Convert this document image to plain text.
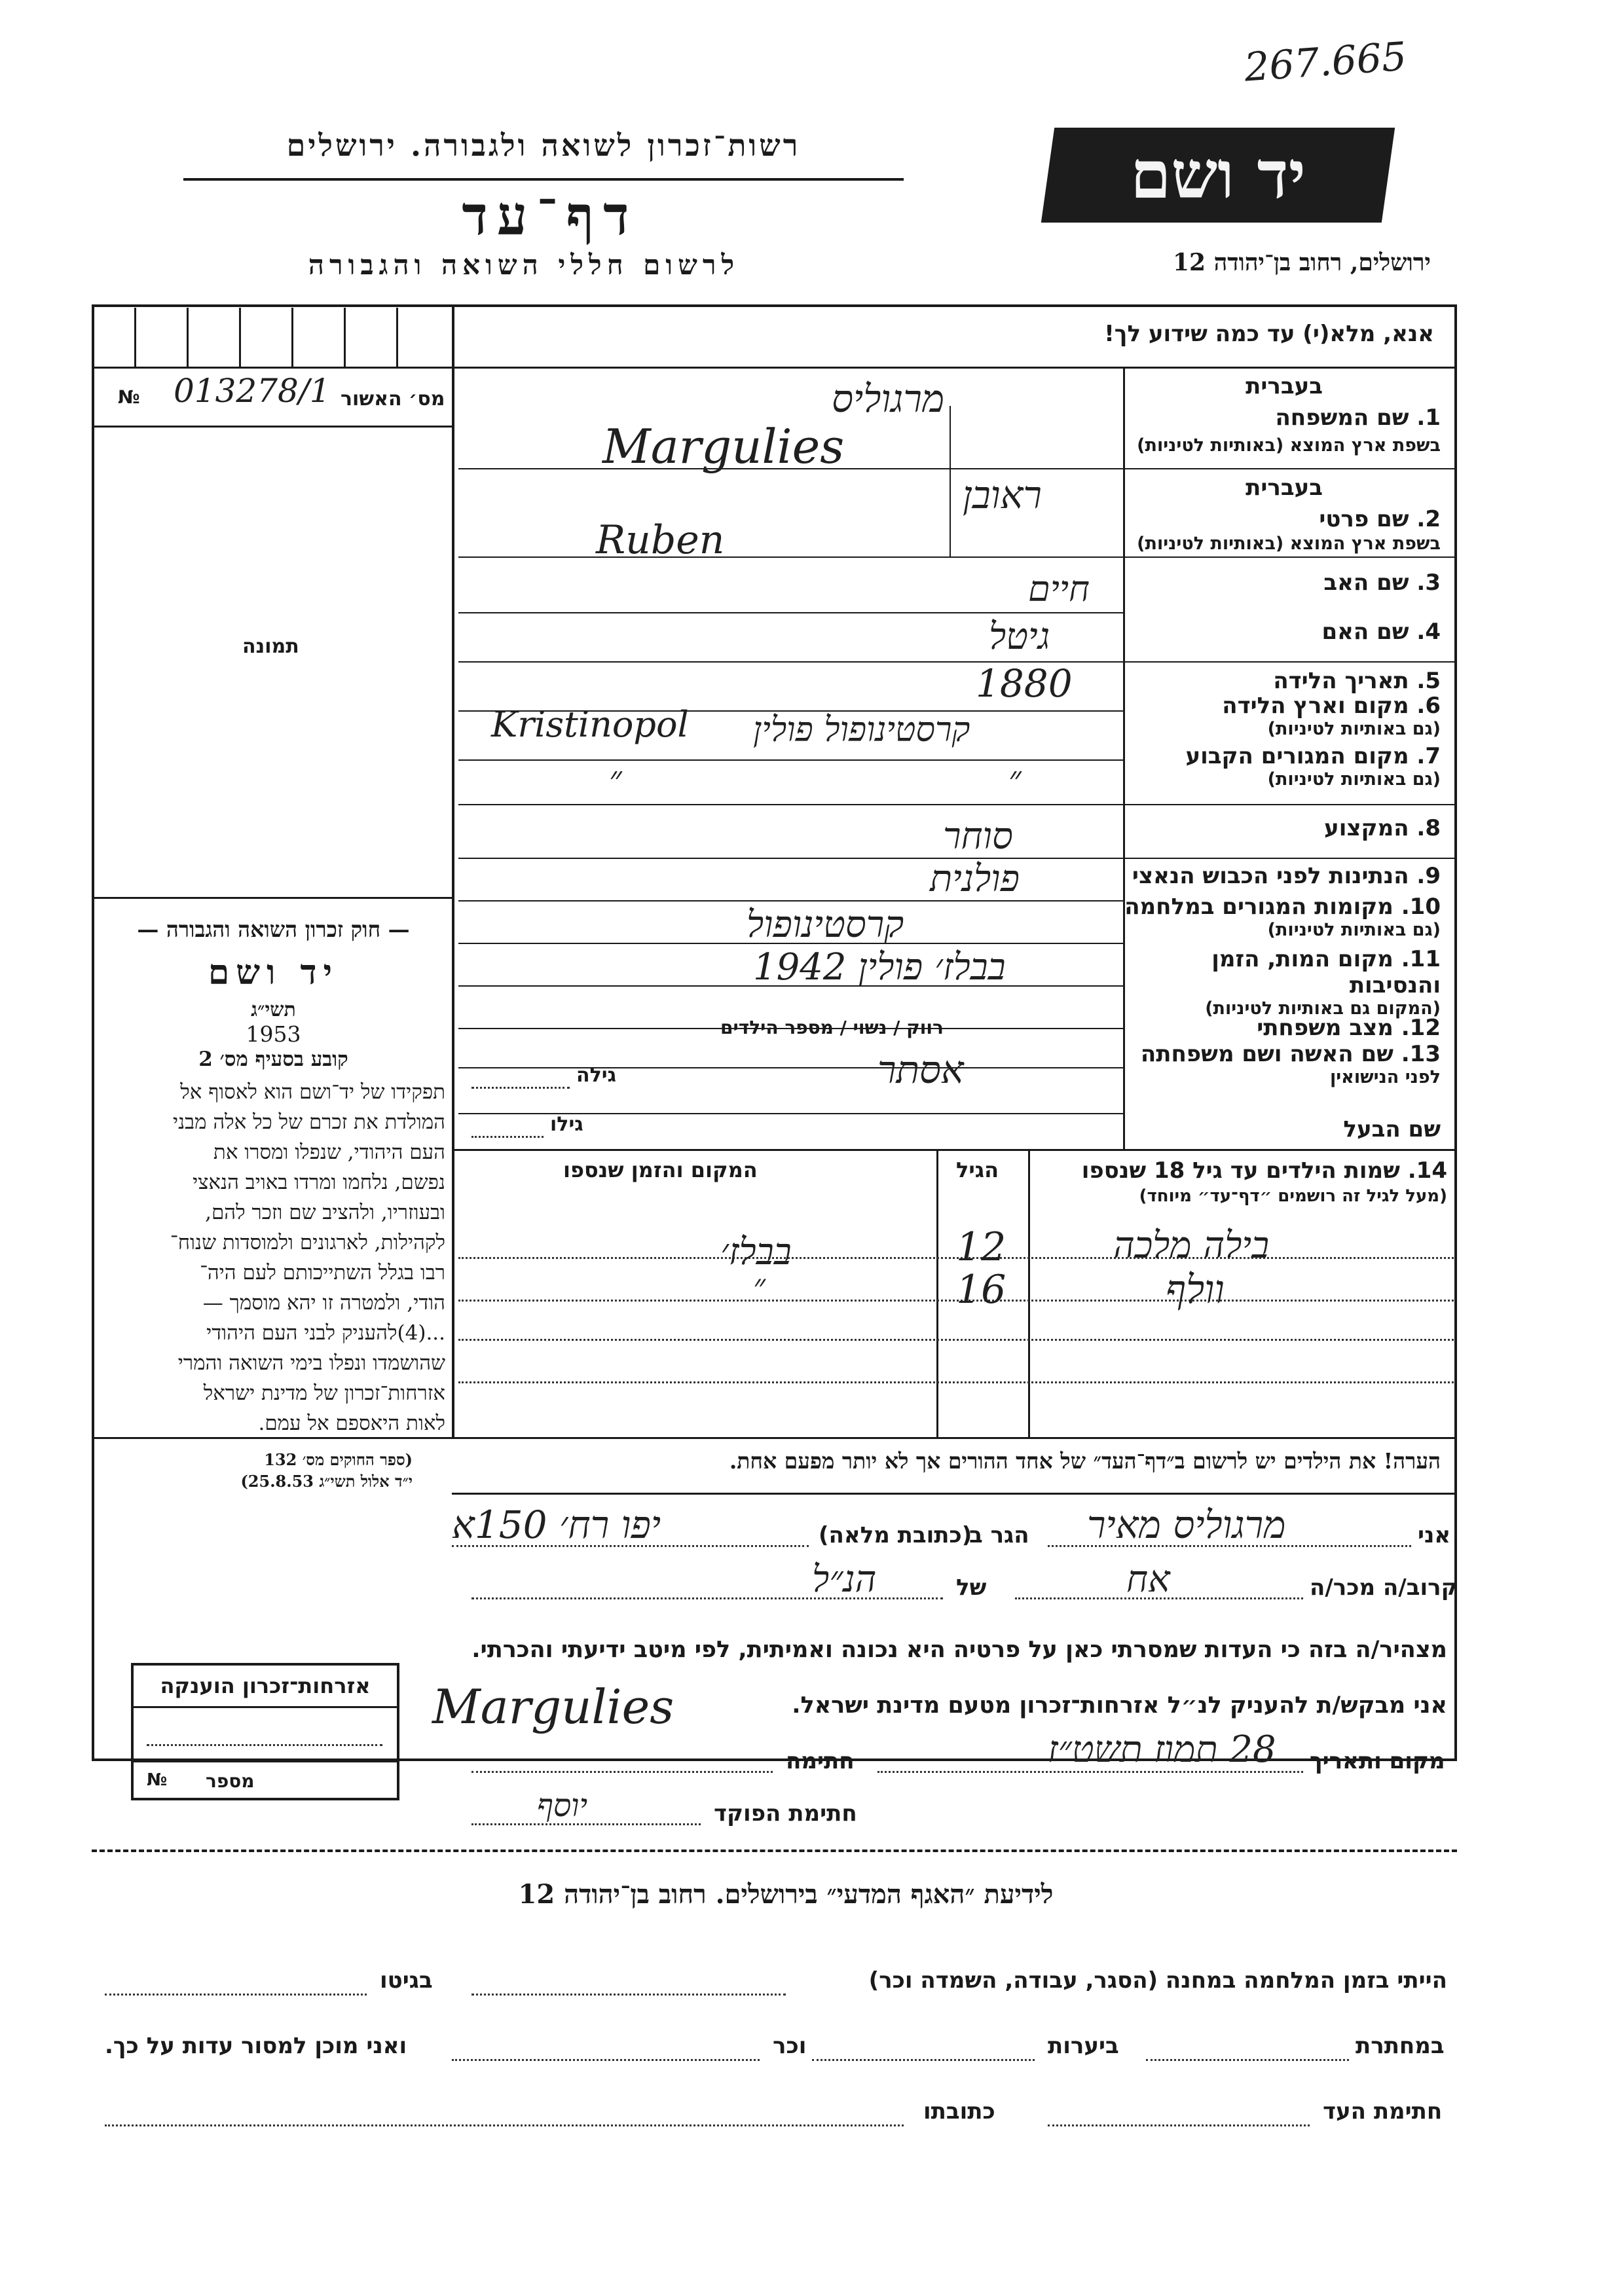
267.665
יד ושם
ירושלים, רחוב בן־יהודה 12
רשות־זכרון לשואה ולגבורה. ירושלים
דף־עד
לרשום חללי השואה והגבורה
אנא, מלא(י) עד כמה שידוע לך!
№ 013278/1 מס׳ האשור
תמונה
— חוק זכרון השואה והגבורה —
יד ושם
תשי״ג
1953
קובע בסעיף מס׳ 2
תפקידו של יד־ושם הוא לאסוף אל
המולדת את זכרם של כל אלה מבני
העם היהודי, שנפלו ומסרו את
נפשם, נלחמו ומרדו באויב הנאצי
ובעוזריו, ולהציב שם וזכר להם,
לקהילות, לארגונים ולמוסדות שנוח־
רבו בגלל השתייכותם לעם היה־
הודי, ולמטרה זו יהא מוסמך —
...(4)להעניק לבני העם היהודי
שהושמדו ונפלו בימי השואה והמרי
אזרחות־זכרון של מדינת ישראל
לאות היאספם אל עמם.
(ספר החוקים מס׳ 132
י״ד אלול תשי״ג 25.8.53)
בעברית
1. שם המשפחה
בשפת ארץ המוצא (באותיות לטיניות)
בעברית
2. שם פרטי
בשפת ארץ המוצא (באותיות לטיניות)
3. שם האב
4. שם האם
5. תאריך הלידה
6. מקום וארץ הלידה
(גם באותיות לטיניות)
7. מקום המגורים הקבוע
(גם באותיות לטיניות)
8. המקצוע
9. הנתינות לפני הכבוש הנאצי
10. מקומות המגורים במלחמה
(גם באותיות לטיניות)
11. מקום המות, הזמן והנסיבות
(המקום גם באותיות לטיניות)
12. מצב משפחתי
13. שם האשה ושם משפחתה
לפני הנישואין
שם הבעל
רווק / נשוי / מספר הילדים
גילה
גילו
מרגוליס
Margulies
ראובן
Ruben
חיים
גיטל
1880
Kristinopol קרסטינופול פולין
״	״
סוחר
פולנית
קרסטינופול
בבלז׳ פולין 1942
אסתר
14. שמות הילדים עד גיל 18 שנספו
(מעל לגיל זה רושמים ״דף־עד״ מיוחד)
הגיל
המקום והזמן שנספו
בילה מלכה
12
בבלז׳
וולף
16
״
הערה! את הילדים יש לרשום ב״דף־העד״ של אחד ההורים אך לא יותר מפעם אחת.
אני
מרגוליס מאיר
הגר ב
(כתובת מלאה)
יפו רח׳ 150א
קרוב/ה מכר/ה
אח
של
הנ״ל
מצהיר/ה בזה כי העדות שמסרתי כאן על פרטיה היא נכונה ואמיתית, לפי מיטב ידיעתי והכרתי.
אני מבקש/ת להעניק לנ״ל אזרחות־זכרון מטעם מדינת ישראל.
Margulies
מקום ותאריך
28 תמוז תשט״ז
חתימה
חתימת הפוקד
יוסף
אזרחות־זכרון הוענקה
מספר
№
לידיעת ״האגף המדעי״ בירושלים. רחוב בן־יהודה 12
הייתי בזמן המלחמה במחנה (הסגר, עבודה, השמדה וכר)
בגיטו
במחתרת
ביערות
וכר
ואני מוכן למסור עדות על כך.
חתימת העד
כתובתו
